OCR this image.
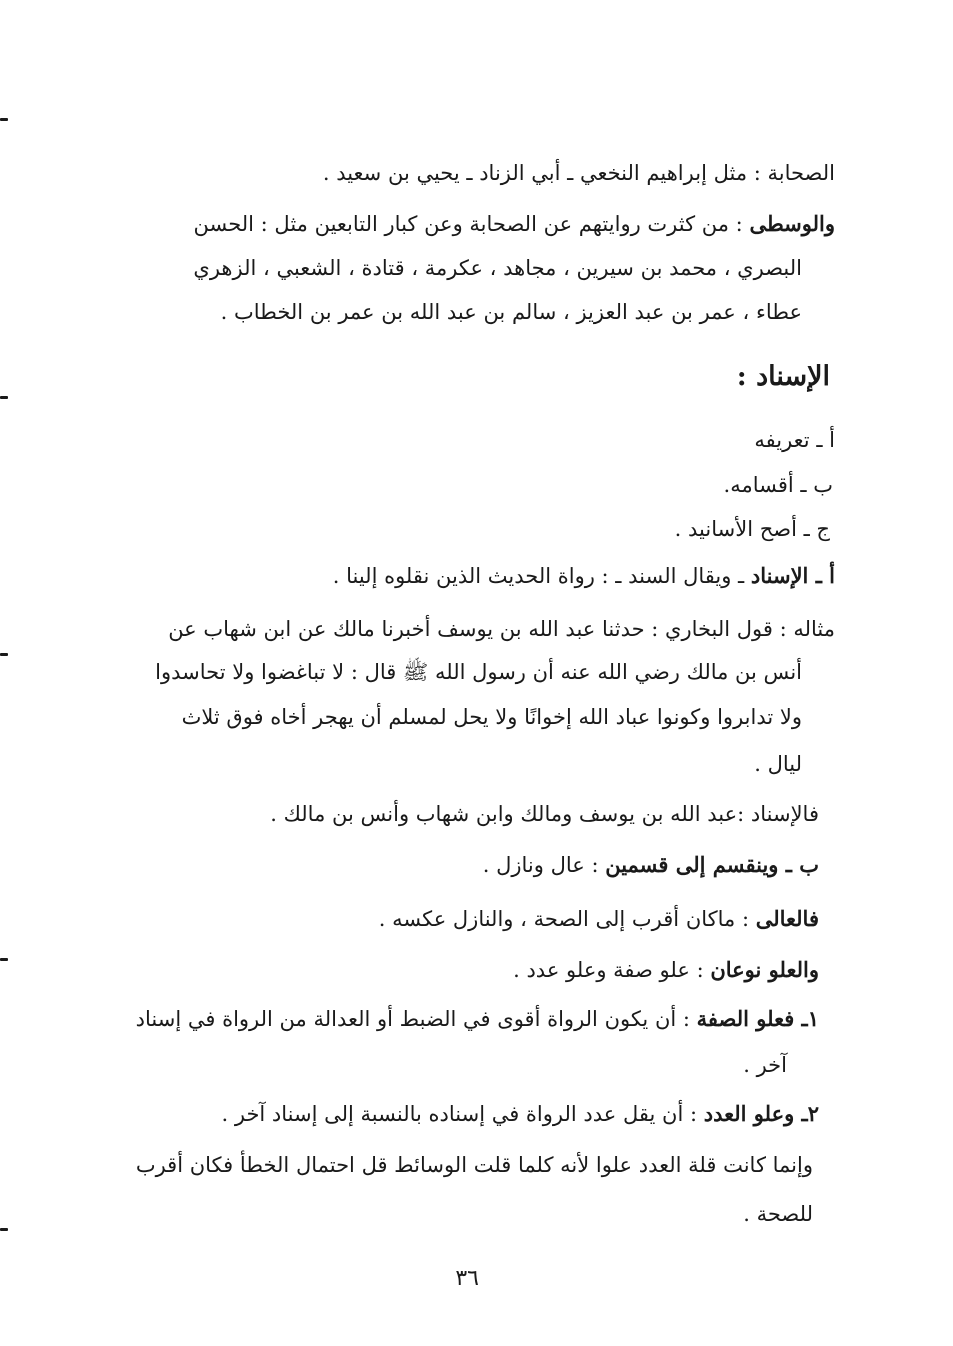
الصحابة : مثل إبراهيم النخعي ـ أبي الزناد ـ يحيي بن سعيد .
والوسطى : من كثرت روايتهم عن الصحابة وعن كبار التابعين مثل : الحسن
البصري ، محمد بن سيرين ، مجاهد ، عكرمة ، قتادة ، الشعبي ، الزهري
عطاء ، عمر بن عبد العزيز ، سالم بن عبد الله بن عمر بن الخطاب .
الإسناد :
أ ـ تعريفه
ب ـ أقسامه.
ج ـ أصح الأسانيد .
أ ـ الإسناد ـ ويقال السند ـ : رواة الحديث الذين نقلوه إلينا .
مثاله : قول البخاري : حدثنا عبد الله بن يوسف أخبرنا مالك عن ابن شهاب عن
أنس بن مالك رضي الله عنه أن رسول الله ﷺ قال : لا تباغضوا ولا تحاسدوا
ولا تدابروا وكونوا عباد الله إخوانًا ولا يحل لمسلم أن يهجر أخاه فوق ثلاث
ليال .
فالإسناد :عبد الله بن يوسف ومالك وابن شهاب وأنس بن مالك .
ب ـ وينقسم إلى قسمين : عال ونازل .
فالعالى : ماكان أقرب إلى الصحة ، والنازل عكسه .
والعلو نوعان : علو صفة وعلو عدد .
١ـ فعلو الصفة : أن يكون الرواة أقوى في الضبط أو العدالة من الرواة في إسناد
آخر .
٢ـ وعلو العدد : أن يقل عدد الرواة في إسناده بالنسبة إلى إسناد آخر .
وإنما كانت قلة العدد علوا لأنه كلما قلت الوسائط قل احتمال الخطأ فكان أقرب
للصحة .
٣٦
